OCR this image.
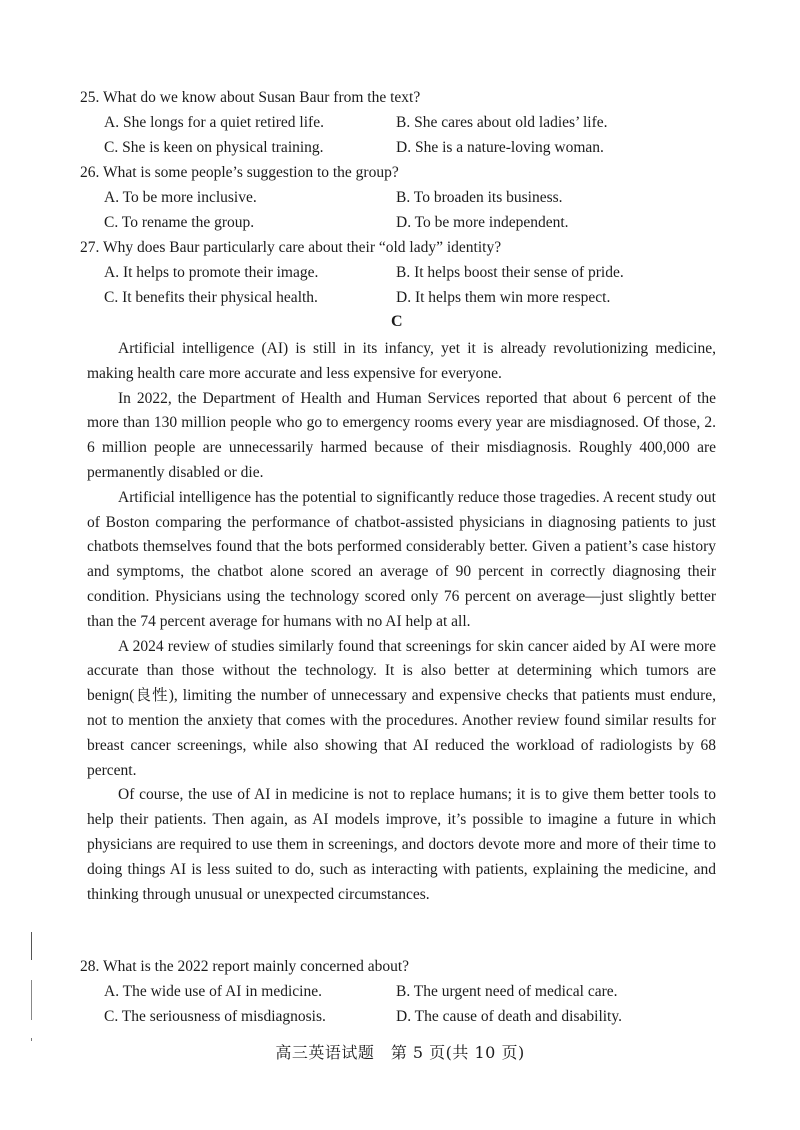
25. What do we know about Susan Baur from the text?
A. She longs for a quiet retired life.	B. She cares about old ladies’ life.
C. She is keen on physical training.	D. She is a nature-loving woman.
26. What is some people’s suggestion to the group?
A. To be more inclusive.	B. To broaden its business.
C. To rename the group.	D. To be more independent.
27. Why does Baur particularly care about their “old lady” identity?
A. It helps to promote their image.	B. It helps boost their sense of pride.
C. It benefits their physical health.	D. It helps them win more respect.
C

Artificial intelligence (AI) is still in its infancy, yet it is already revolutionizing medicine, making health care more accurate and less expensive for everyone.

In 2022, the Department of Health and Human Services reported that about 6 percent of the more than 130 million people who go to emergency rooms every year are misdiagnosed. Of those, 2. 6 million people are unnecessarily harmed because of their misdiagnosis. Roughly 400,000 are permanently disabled or die.

Artificial intelligence has the potential to significantly reduce those tragedies. A recent study out of Boston comparing the performance of chatbot-assisted physicians in diagnosing patients to just chatbots themselves found that the bots performed considerably better. Given a patient’s case history and symptoms, the chatbot alone scored an average of 90 percent in correctly diagnosing their condition. Physicians using the technology scored only 76 percent on average—just slightly better than the 74 percent average for humans with no AI help at all.

A 2024 review of studies similarly found that screenings for skin cancer aided by AI were more accurate than those without the technology. It is also better at determining which tumors are benign(良性), limiting the number of unnecessary and expensive checks that patients must endure, not to mention the anxiety that comes with the procedures. Another review found similar results for breast cancer screenings, while also showing that AI reduced the workload of radiologists by 68 percent.

Of course, the use of AI in medicine is not to replace humans; it is to give them better tools to help their patients. Then again, as AI models improve, it’s possible to imagine a future in which physicians are required to use them in screenings, and doctors devote more and more of their time to doing things AI is less suited to do, such as interacting with patients, explaining the medicine, and thinking through unusual or unexpected circumstances.

28. What is the 2022 report mainly concerned about?
A. The wide use of AI in medicine.	B. The urgent need of medical care.
C. The seriousness of misdiagnosis.	D. The cause of death and disability.
高三英语试题　第 5 页(共 10 页)
